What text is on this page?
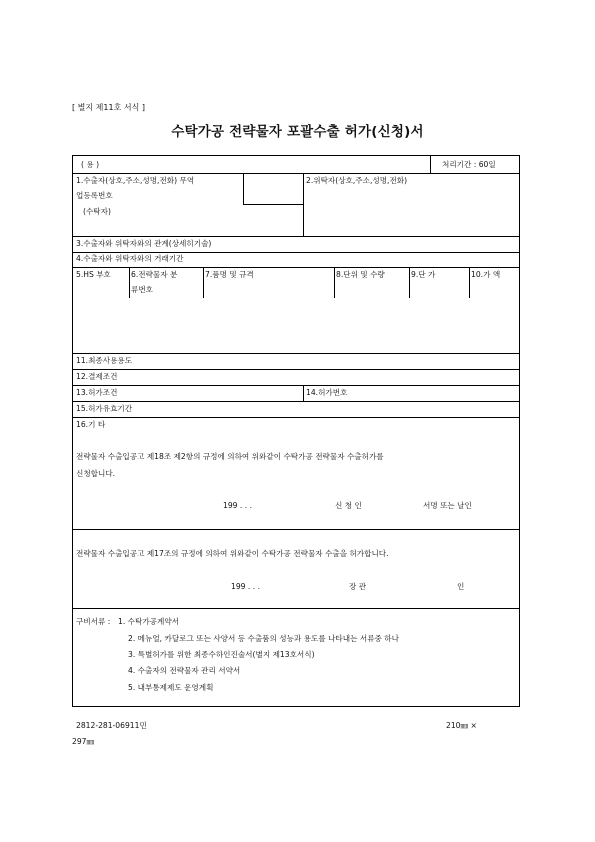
[ 별지 제11호 서식 ]
수탁가공 전략물자 포괄수출 허가(신청)서
( 용 )	처리기간 : 60일
1.수출자(상호,주소,성명,전화) 무역
업등록번호
(수탁자)
2.위탁자(상호,주소,성명,전화)
3.수출자와 위탁자와의 관계(상세히기술)
4.수출자와 위탁자와의 거래기간
5.HS 부호	6.전략물자 분
류번호
7.품명 및 규격	8.단위 및 수량	9.단 가	10.가 액
11.최종사용용도
12.결제조건
13.허가조건	14.허가번호
15.허가유효기간
16.기 타
전략물자 수출입공고 제18조 제2항의 규정에 의하여 위와같이 수탁가공 전략물자 수출허가를
신청합니다.
199 . . .	신 청 인	서명 또는 날인
전략물자 수출입공고 제17조의 규정에 의하여 위와같이 수탁가공 전략물자 수출을 허가합니다.
199 . . .	장 관	인
구비서류 : 1. 수탁가공계약서
2. 메뉴얼, 카달로그 또는 사양서 등 수출품의 성능과 용도를 나타내는 서류중 하나
3. 특별허가를 위한 최종수하인진술서(별지 제13호서식)
4. 수출자의 전략물자 관리 서약서
5. 내부통제제도 운영계획
2812-281-06911민	210㎜ ×
297㎜
